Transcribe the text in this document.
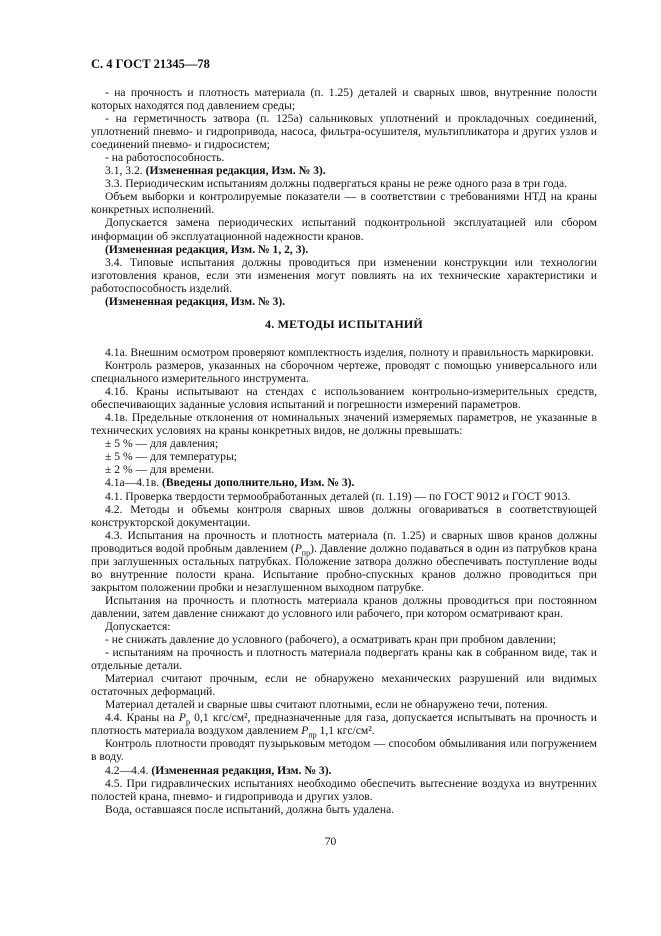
С. 4 ГОСТ 21345—78

- на прочность и плотность материала (п. 1.25) деталей и сварных швов, внутренние полости которых находятся под давлением среды;

- на герметичность затвора (п. 125а) сальниковых уплотнений и прокладочных соединений, уплотнений пневмо- и гидропривода, насоса, фильтра-осушителя, мультипликатора и других узлов и соединений пневмо- и гидросистем;

- на работоспособность.

3.1, 3.2. (Измененная редакция, Изм. № 3).

3.3. Периодическим испытаниям должны подвергаться краны не реже одного раза в три года.

Объем выборки и контролируемые показатели — в соответствии с требованиями НТД на краны конкретных исполнений.

Допускается замена периодических испытаний подконтрольной эксплуатацией или сбором информации об эксплуатационной надежности кранов.

(Измененная редакция, Изм. № 1, 2, 3).

3.4. Типовые испытания должны проводиться при изменении конструкции или технологии изготовления кранов, если эти изменения могут повлиять на их технические характеристики и работоспособность изделий.

(Измененная редакция, Изм. № 3).

4. МЕТОДЫ ИСПЫТАНИЙ

4.1а. Внешним осмотром проверяют комплектность изделия, полноту и правильность маркировки.

Контроль размеров, указанных на сборочном чертеже, проводят с помощью универсального или специального измерительного инструмента.

4.1б. Краны испытывают на стендах с использованием контрольно-измерительных средств, обеспечивающих заданные условия испытаний и погрешности измерений параметров.

4.1в. Предельные отклонения от номинальных значений измеряемых параметров, не указанные в технических условиях на краны конкретных видов, не должны превышать:

± 5 % — для давления;

± 5 % — для температуры;

± 2 % — для времени.

4.1а—4.1в. (Введены дополнительно, Изм. № 3).

4.1. Проверка твердости термообработанных деталей (п. 1.19) — по ГОСТ 9012 и ГОСТ 9013.

4.2. Методы и объемы контроля сварных швов должны оговариваться в соответствующей конструкторской документации.

4.3. Испытания на прочность и плотность материала (п. 1.25) и сварных швов кранов должны проводиться водой пробным давлением $(P_{пр})$. Давление должно подаваться в один из патрубков крана при заглушенных остальных патрубках. Положение затвора должно обеспечивать поступление воды во внутренние полости крана. Испытание пробно-спускных кранов должно проводиться при закрытом положении пробки и незаглушенном выходном патрубке.

Испытания на прочность и плотность материала кранов должны проводиться при постоянном давлении, затем давление снижают до условного или рабочего, при котором осматривают кран.

Допускается:

- не снижать давление до условного (рабочего), а осматривать кран при пробном давлении;

- испытаниям на прочность и плотность материала подвергать краны как в собранном виде, так и отдельные детали.

Материал считают прочным, если не обнаружено механических разрушений или видимых остаточных деформаций.

Материал деталей и сварные швы считают плотными, если не обнаружено течи, потения.

4.4. Краны на $P_р$ 0,1 кгс/см², предназначенные для газа, допускается испытывать на прочность и плотность материала воздухом давлением $P_{пр}$ 1,1 кгс/см².

Контроль плотности проводят пузырьковым методом — способом обмыливания или погружением в воду.

4.2—4.4. (Измененная редакция, Изм. № 3).

4.5. При гидравлических испытаниях необходимо обеспечить вытеснение воздуха из внутренних полостей крана, пневмо- и гидропривода и других узлов.

Вода, оставшаяся после испытаний, должна быть удалена.

70
